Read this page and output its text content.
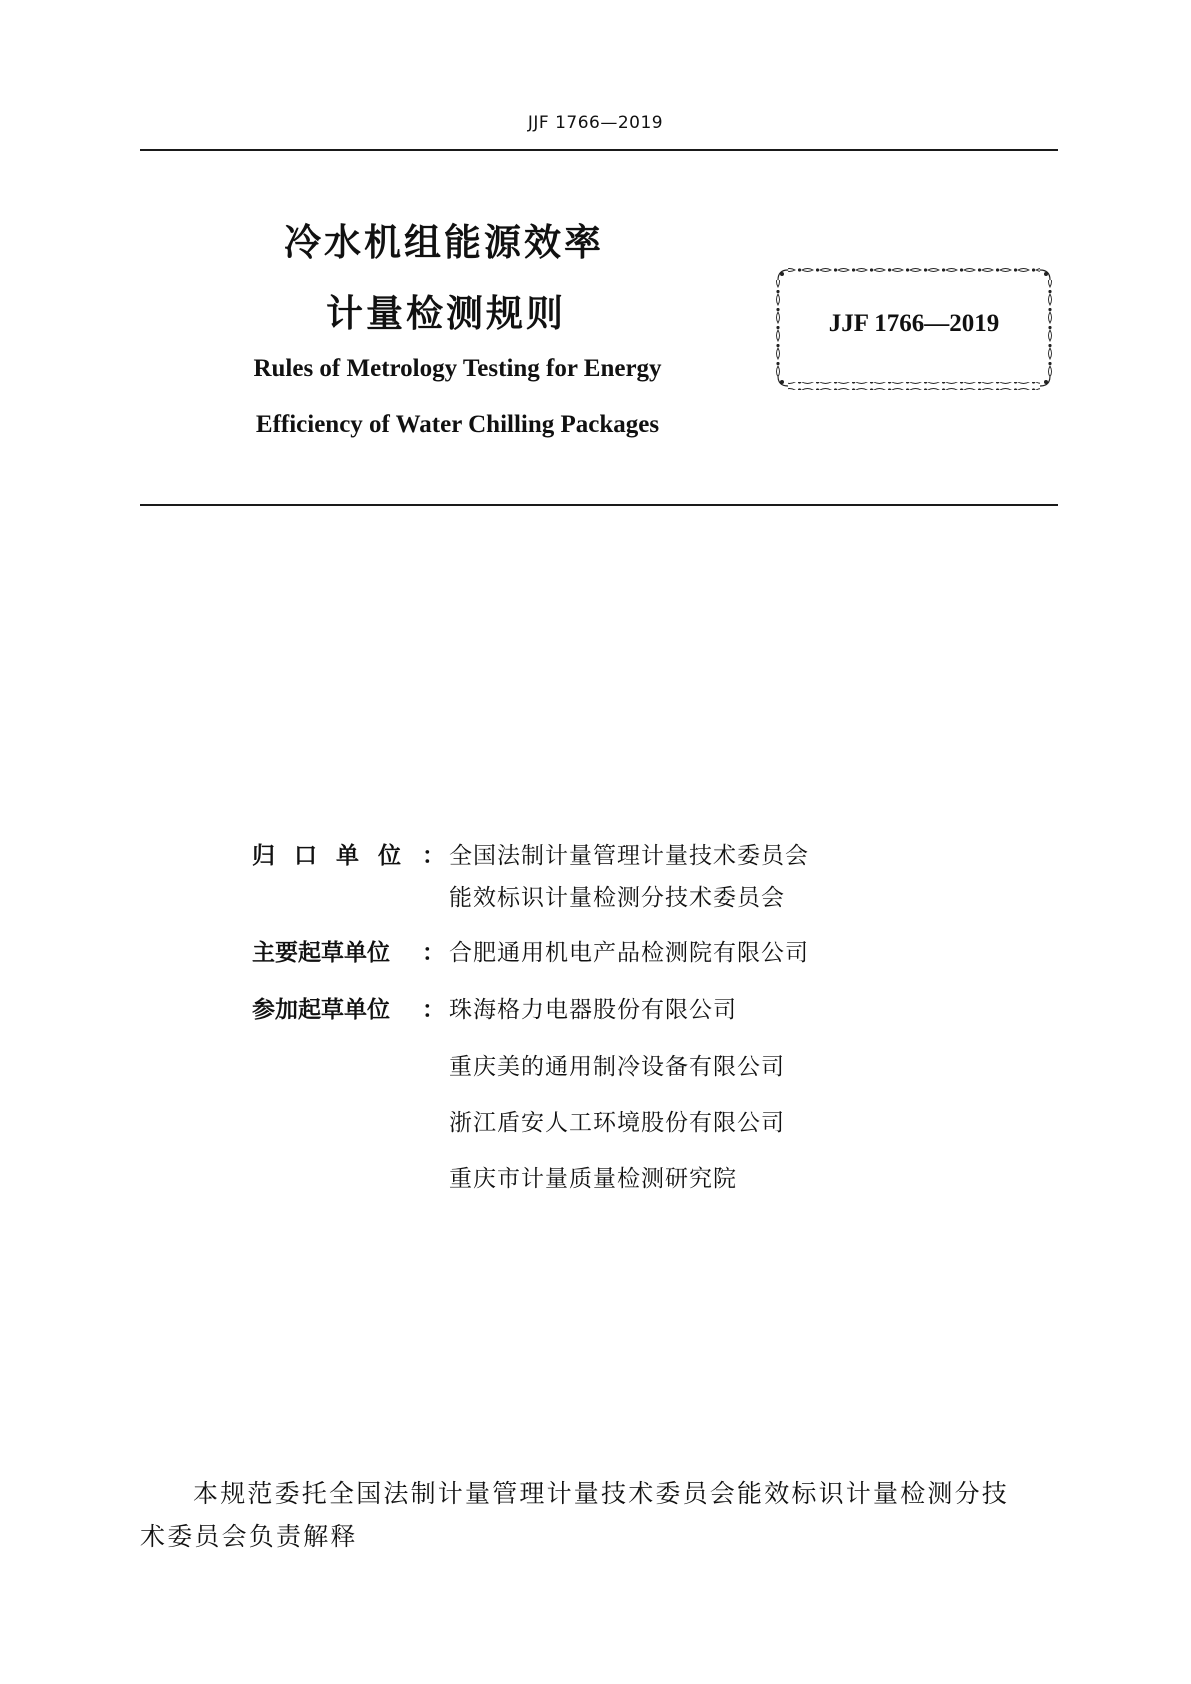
JJF 1766—2019
冷水机组能源效率
计量检测规则
Rules of Metrology Testing for Energy
Efficiency of Water Chilling Packages
JJF 1766—2019
归口单位 ： 全国法制计量管理计量技术委员会
能效标识计量检测分技术委员会
主要起草单位 ： 合肥通用机电产品检测院有限公司
参加起草单位 ： 珠海格力电器股份有限公司
重庆美的通用制冷设备有限公司
浙江盾安人工环境股份有限公司
重庆市计量质量检测研究院
本规范委托全国法制计量管理计量技术委员会能效标识计量检测分技
术委员会负责解释
